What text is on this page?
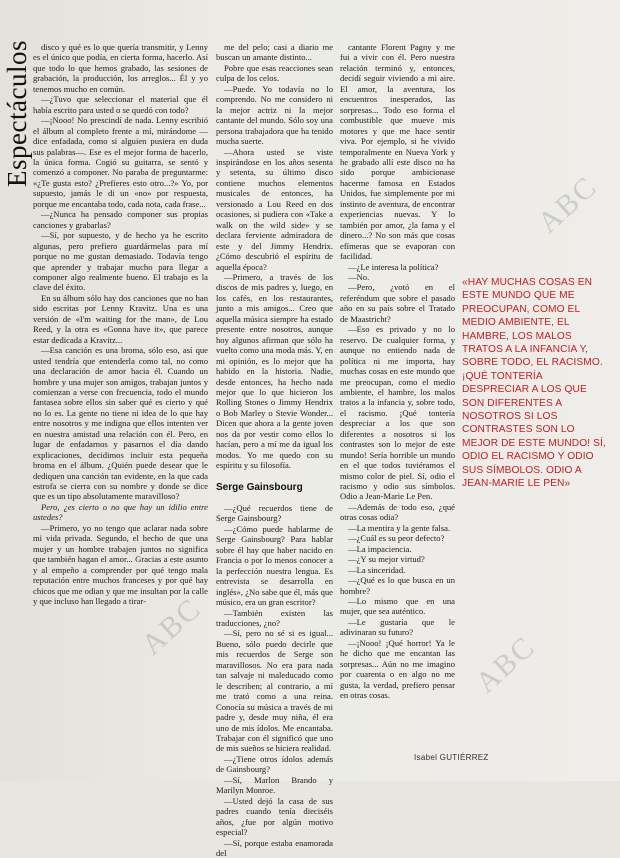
Espectáculos	disco y qué es lo que quería transmitir, y Lenny es el único que podía, en cierta forma, hacerlo. Así que todo lo que hemos grabado, las sesiones de grabación, la producción, los arreglos... Él y yo tenemos mucho en común.

—¿Tuvo que seleccionar el material que él había escrito para usted o se quedó con todo?

—¡Nooo! No prescindí de nada. Lenny escribió el álbum al completo frente a mí, mirándome —dice enfadada, como si alguien pusiera en duda sus palabras—. Ese es el mejor forma de hacerlo, la única forma. Cogió su guitarra, se sentó y comenzó a componer. No paraba de preguntarme: «¿Te gusta esto? ¿Prefieres esto otro...?» Yo, por supuesto, jamás le di un «no» por respuesta, porque me encantaba todo, cada nota, cada frase...

—¿Nunca ha pensado componer sus propias canciones y grabarlas?

—Sí, por supuesto, y de hecho ya he escrito algunas, pero prefiero guardármelas para mí porque no me gustan demasiado. Todavía tengo que aprender y trabajar mucho para llegar a componer algo realmente bueno. El trabajo es la clave del éxito.

En su álbum sólo hay dos canciones que no han sido escritas por Lenny Kravitz. Una es una versión de «I'm waiting for the man», de Lou Reed, y la otra es «Gonna have it», que parece estar dedicada a Kravitz...

—Esa canción es una broma, sólo eso, así que usted tendría que entenderla como tal, no como una declaración de amor hacia él. Cuando un hombre y una mujer son amigos, trabajan juntos y comienzan a verse con frecuencia, todo el mundo fantasea sobre ellos sin saber qué es cierto y qué no lo es. La gente no tiene ni idea de lo que hay entre nosotros y me indigna que ellos intenten ver en nuestra amistad una relación con él. Pero, en lugar de enfadarnos y pasarnos el día dando explicaciones, decidimos incluir esta pequeña broma en el álbum. ¿Quién puede desear que le dediquen una canción tan evidente, en la que cada estrofa se cierra con su nombre y donde se dice que es un tipo absolutamente maravilloso?

Pero, ¿es cierto o no que hay un idilio entre ustedes?

—Primero, yo no tengo que aclarar nada sobre mi vida privada. Segundo, el hecho de que una mujer y un hombre trabajen juntos no significa que también hagan el amor... Gracias a este asunto y al empeño a comprender por qué tengo mala reputación entre muchos franceses y por qué hay chicos que me odian y que me insultan por la calle y que incluso han llegado a tirar-

me del pelo; casi a diario me buscan un amante distinto...

Pobre que esas reacciones sean culpa de los celos.

—Puede. Yo todavía no lo comprendo. No me considero ni la mejor actriz ni la mejor cantante del mundo. Sólo soy una persona trabajadora que ha tenido mucha suerte.

—Ahora usted se viste inspirándose en los años sesenta y setenta, su último disco contiene muchos elementos musicales de entonces, ha versionado a Lou Reed en dos ocasiones, si pudiera con «Take a walk on the wild side» y se declara ferviente admiradora de este y del Jimmy Hendrix. ¿Cómo descubrió el espíritu de aquella época?

—Primero, a través de los discos de mis padres y, luego, en los cafés, en los restaurantes, junto a mis amigos... Creo que aquella música siempre ha estado presente entre nosotros, aunque hoy algunos afirman que sólo ha vuelto como una moda más. Y, en mi opinión, es lo mejor que ha habido en la historia. Nadie, desde entonces, ha hecho nada mejor que lo que hicieron los Rolling Stones o Jimmy Hendrix o Bob Marley o Stevie Wonder... Dicen que ahora a la gente joven nos da por vestir como ellos lo hacían, pero a mí me da igual los modos. Yo me quedo con su espíritu y su filosofía.

Serge Gainsbourg

—¿Qué recuerdos tiene de Serge Gainsbourg?

—¿Cómo puede hablarme de Serge Gainsbourg? Para hablar sobre él hay que haber nacido en Francia o por lo menos conocer a la perfección nuestra lengua. Es entrevista se desarrolla en inglés», ¿No sabe que él, más que músico, era un gran escritor?

—También existen las traducciones, ¿no?

—Sí, pero no sé si es igual... Bueno, sólo puedo decirle que mis recuerdos de Serge son maravillosos. No era para nada tan salvaje ni maleducado como le describen; al contrario, a mí me trató como a una reina. Conocía su música a través de mi padre y, desde muy niña, él era uno de mis ídolos. Me encantaba. Trabajar con él significó que uno de mis sueños se hiciera realidad.

—¿Tiene otros ídolos además de Gainsbourg?

—Sí, Marlon Brando y Marilyn Monroe.

—Usted dejó la casa de sus padres cuando tenía dieciséis años, ¿fue por algún motivo especial?

—Sí, porque estaba enamorada del

cantante Florent Pagny y me fui a vivir con él. Pero nuestra relación terminó y, entonces, decidí seguir viviendo a mi aire. El amor, la aventura, los encuentros inesperados, las sorpresas... Todo eso forma el combustible que mueve mis motores y que me hace sentir viva. Por ejemplo, si he vivido temporalmente en Nueva York y he grabado allí este disco no ha sido porque ambicionase hacerme famosa en Estados Unidos, fue simplemente por mi instinto de aventura, de encontrar experiencias nuevas. Y lo también por amor, ¿la fama y el dinero...? No son más que cosas efímeras que se evaporan con facilidad.

—¿Le interesa la política?

—No.

—Pero, ¿votó en el referéndum que sobre el pasado año en su país sobre el Tratado de Maastricht?

—Eso es privado y no lo reservo. De cualquier forma, y aunque no entiendo nada de política ni me importa, hay muchas cosas en este mundo que me preocupan, como el medio ambiente, el hambre, los malos tratos a la infancia y, sobre todo, el racismo. ¡Qué tontería despreciar a los que son diferentes a nosotros si los contrastes son lo mejor de este mundo! Sería horrible un mundo en el que todos tuviéramos el mismo color de piel. Sí, odio el racismo y odio sus símbolos. Odio a Jean-Marie Le Pen.

—Además de todo eso, ¿qué otras cosas odia?

—La mentira y la gente falsa.

—¿Cuál es su peor defecto?

—La impaciencia.

—¿Y su mejor virtud?

—La sinceridad.

—¿Qué es lo que busca en un hombre?

—Lo mismo que en una mujer, que sea auténtico.

—Le gustaría que le adivinaran su futuro?

—¡Nooo! ¡Qué horror! Ya le he dicho que me encantan las sorpresas... Aún no me imagino por cuarenta o en algo no me gusta, la verdad, prefiero pensar en otras cosas.

«HAY MUCHAS COSAS EN ESTE MUNDO QUE ME PREOCUPAN, COMO EL MEDIO AMBIENTE, EL HAMBRE, LOS MALOS TRATOS A LA INFANCIA Y, SOBRE TODO, EL RACISMO. ¡QUÉ TONTERÍA DESPRECIAR A LOS QUE SON DIFERENTES A NOSOTROS SI LOS CONTRASTES SON LO MEJOR DE ESTE MUNDO! SÍ, ODIO EL RACISMO Y ODIO SUS SÍMBOLOS. ODIO A JEAN-MARIE LE PEN»
Isabel GUTIÉRREZ
ABC
ABC
ABC
